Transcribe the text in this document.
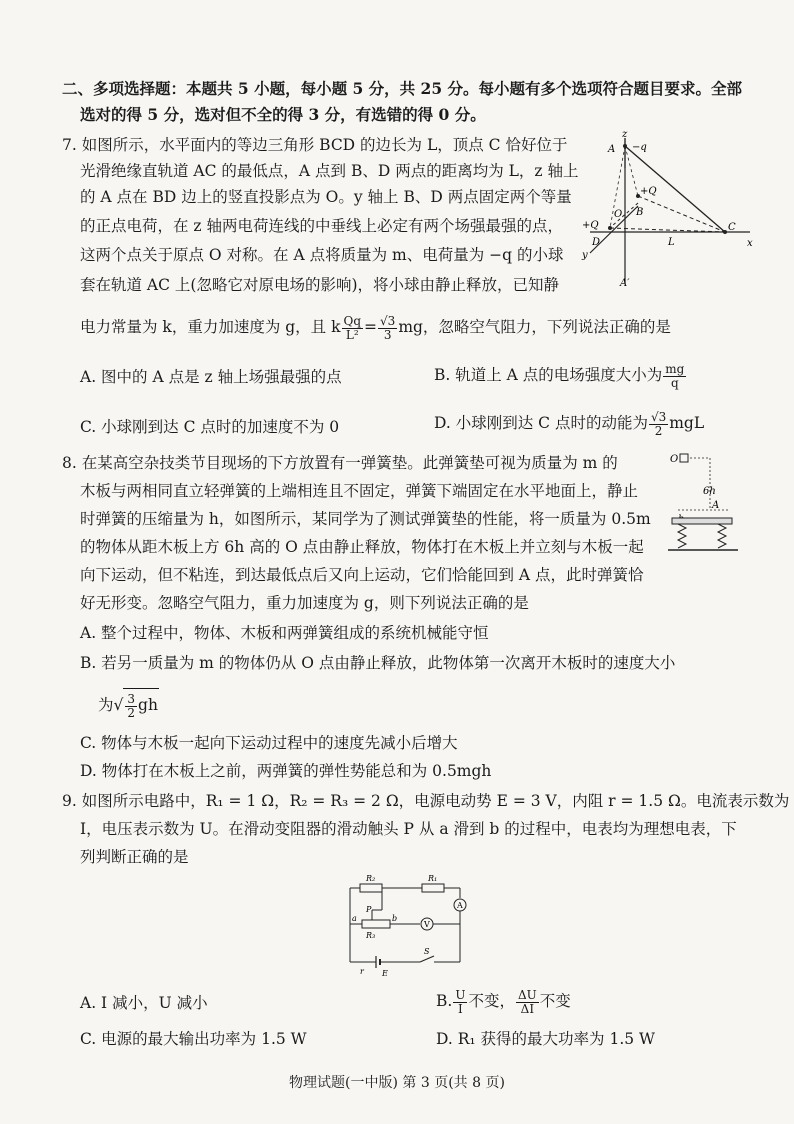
二、多项选择题：本题共 5 小题，每小题 5 分，共 25 分。每小题有多个选项符合题目要求。全部
选对的得 5 分，选对但不全的得 3 分，有选错的得 0 分。
7. 如图所示，水平面内的等边三角形 BCD 的边长为 L，顶点 C 恰好位于
光滑绝缘直轨道 AC 的最低点，A 点到 B、D 两点的距离均为 L，z 轴上
的 A 点在 BD 边上的竖直投影点为 O。y 轴上 B、D 两点固定两个等量
的正点电荷，在 z 轴两电荷连线的中垂线上必定有两个场强最强的点，
这两个点关于原点 O 对称。在 A 点将质量为 m、电荷量为 −q 的小球
套在轨道 AC 上(忽略它对原电场的影响)，将小球由静止释放，已知静
电力常量为 k，重力加速度为 g，且 k $\frac{Qq}{\text{L²}} = \frac{√3}{3}$ mg，忽略空气阻力，下列说法正确的是
A. 图中的 A 点是 z 轴上场强最强的点	B. 轨道上 A 点的电场强度大小为 $\frac{mg}{q}$
C. 小球刚到达 C 点时的加速度不为 0	D. 小球刚到达 C 点时的动能为 $\frac{√3}{2}$ mgL
z
−q
A
+Q
+Q
O B
C
D	L	x
y
A′
8. 在某高空杂技类节目现场的下方放置有一弹簧垫。此弹簧垫可视为质量为 m 的
木板与两相同直立轻弹簧的上端相连且不固定，弹簧下端固定在水平地面上，静止
时弹簧的压缩量为 h，如图所示，某同学为了测试弹簧垫的性能，将一质量为 0.5m
的物体从距木板上方 6h 高的 O 点由静止释放，物体打在木板上并立刻与木板一起
向下运动，但不粘连，到达最低点后又向上运动，它们恰能回到 A 点，此时弹簧恰
好无形变。忽略空气阻力，重力加速度为 g，则下列说法正确的是
A. 整个过程中，物体、木板和两弹簧组成的系统机械能守恒
B. 若另一质量为 m 的物体仍从 O 点由静止释放，此物体第一次离开木板时的速度大小
为√ $\frac{3}{2}$ gh
C. 物体与木板一起向下运动过程中的速度先减小后增大
D. 物体打在木板上之前，两弹簧的弹性势能总和为 0.5mgh
O
6h
A
9. 如图所示电路中，R₁ = 1 Ω，R₂ = R₃ = 2 Ω，电源电动势 E = 3 V，内阻 r = 1.5 Ω。电流表示数为
I，电压表示数为 U。在滑动变阻器的滑动触头 P 从 a 滑到 b 的过程中，电表均为理想电表，下
列判断正确的是
R₂	R₁
A
R₃
a	b
P
V
r E
S
A. I 减小，U 减小	B. $\frac{U}{I}$ 不变， $\frac{\Delta U}{\Delta I}$ 不变
C. 电源的最大输出功率为 1.5 W	D. R₁ 获得的最大功率为 1.5 W
物理试题(一中版) 第 3 页(共 8 页)
